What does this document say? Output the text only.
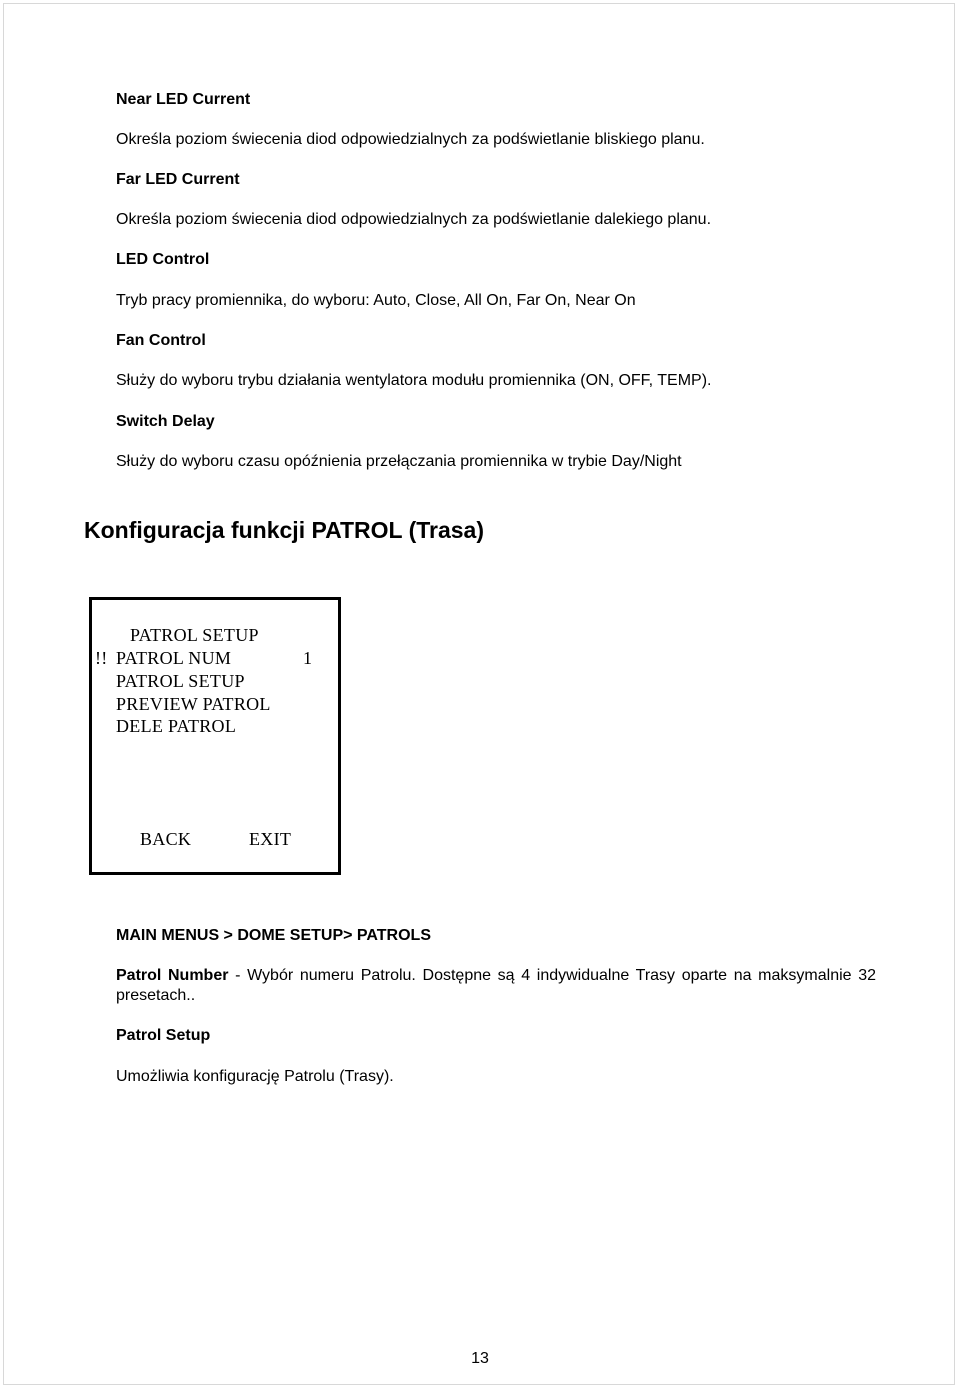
Near LED Current
Określa poziom świecenia diod odpowiedzialnych za podświetlanie bliskiego planu.
Far LED Current
Określa poziom świecenia diod odpowiedzialnych za podświetlanie dalekiego planu.
LED Control
Tryb pracy promiennika, do wyboru: Auto, Close, All On, Far On, Near On
Fan Control
Służy do wyboru trybu działania wentylatora modułu promiennika (ON, OFF, TEMP).
Switch Delay
Służy do wyboru czasu opóźnienia przełączania promiennika w trybie Day/Night
Konfiguracja funkcji PATROL (Trasa)
PATROL SETUP
!! PATROL NUM	1
PATROL SETUP
PREVIEW PATROL
DELE PATROL
BACK	EXIT
MAIN MENUS > DOME SETUP> PATROLS
Patrol Number - Wybór numeru Patrolu. Dostępne są 4 indywidualne Trasy oparte na maksymalnie 32 presetach..
Patrol Setup
Umożliwia konfigurację Patrolu (Trasy).
13
